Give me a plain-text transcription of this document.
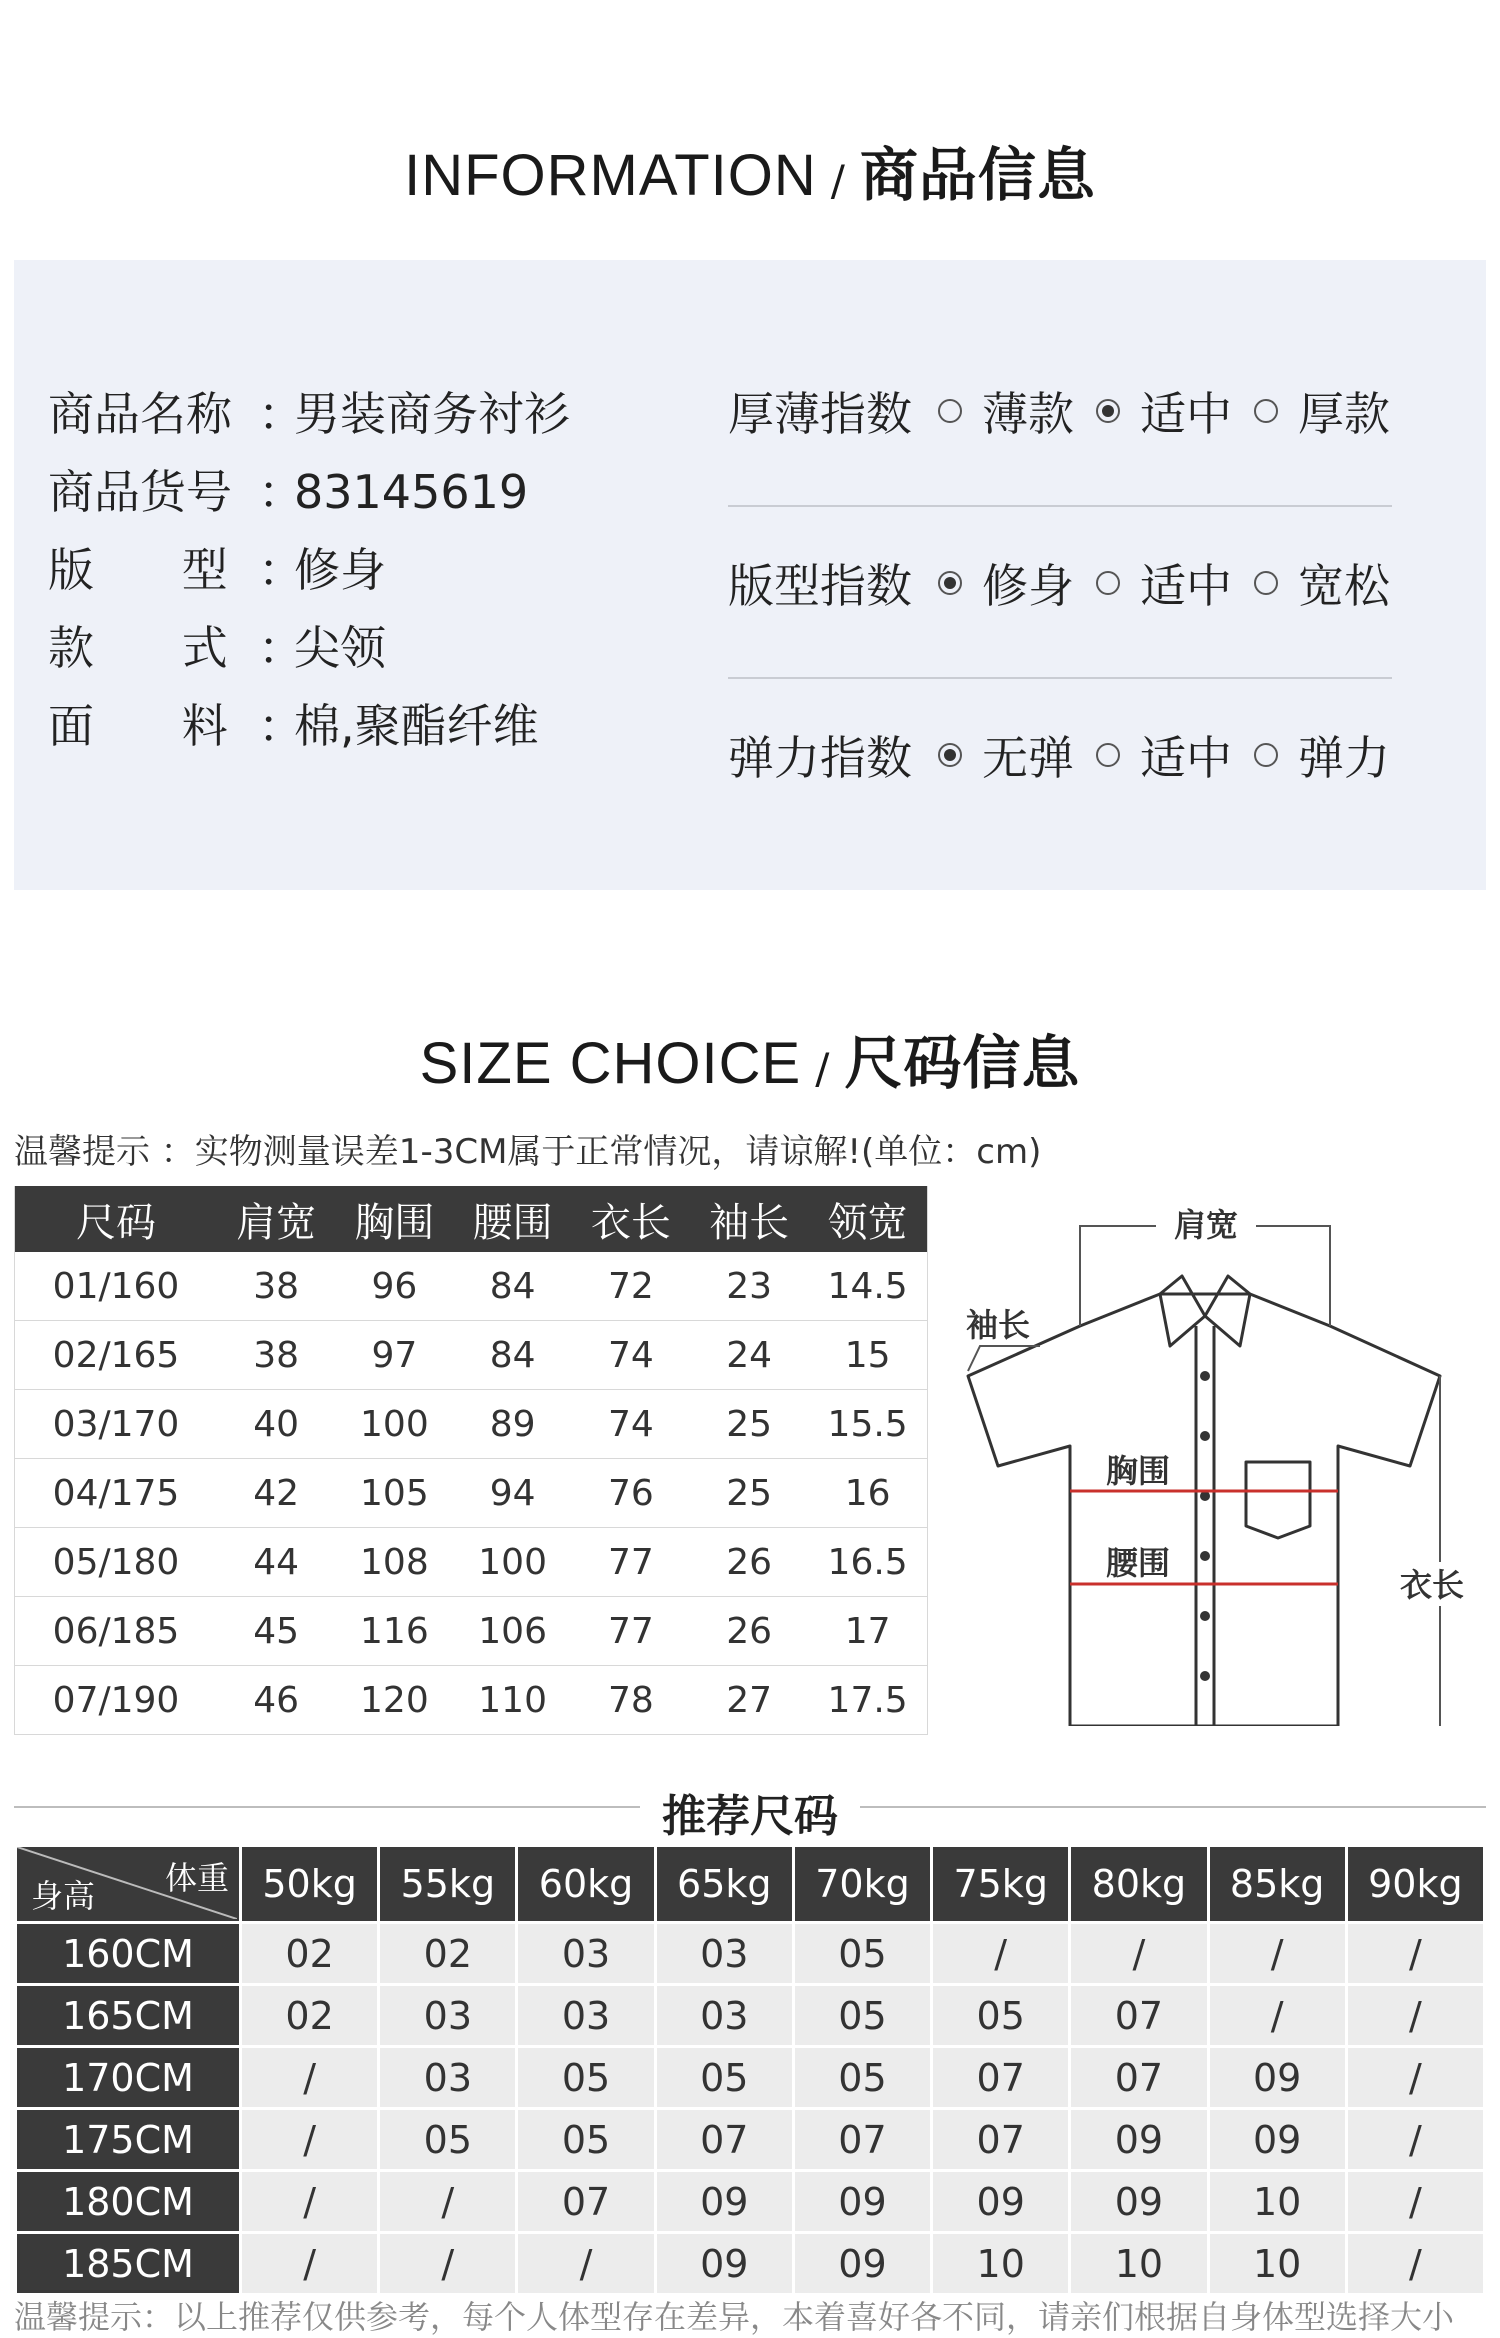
INFORMATION / 商品信息
商品名称 ：男装商务衬衫
商品货号 ：83145619
版      型 ：修身
款      式 ：尖领
面      料 ：棉,聚酯纤维
厚薄指数	薄款 适中 厚款
版型指数	修身 适中 宽松
弹力指数	无弹 适中 弹力
SIZE CHOICE / 尺码信息
温馨提示 ：实物测量误差1-3CM属于正常情况，请谅解!(单位：cm)
尺码	肩宽	胸围	腰围	衣长	袖长	领宽
01/160	38	96	84	72	23	14.5
02/165	38	97	84	74	24	15
03/170	40	100	89	74	25	15.5
04/175	42	105	94	76	25	16
05/180	44	108	100	77	26	16.5
06/185	45	116	106	77	26	17
07/190	46	120	110	78	27	17.5
肩宽
袖长
胸围
腰围
衣长
推荐尺码
体重
身高	50kg	55kg	60kg	65kg	70kg	75kg	80kg	85kg	90kg
160CM	02	02	03	03	05	/	/	/	/
165CM	02	03	03	03	05	05	07	/	/
170CM	/	03	05	05	05	07	07	09	/
175CM	/	05	05	07	07	07	09	09	/
180CM	/	/	07	09	09	09	09	10	/
185CM	/	/	/	09	09	10	10	10	/
温馨提示：以上推荐仅供参考，每个人体型存在差异，本着喜好各不同，请亲们根据自身体型选择大小
